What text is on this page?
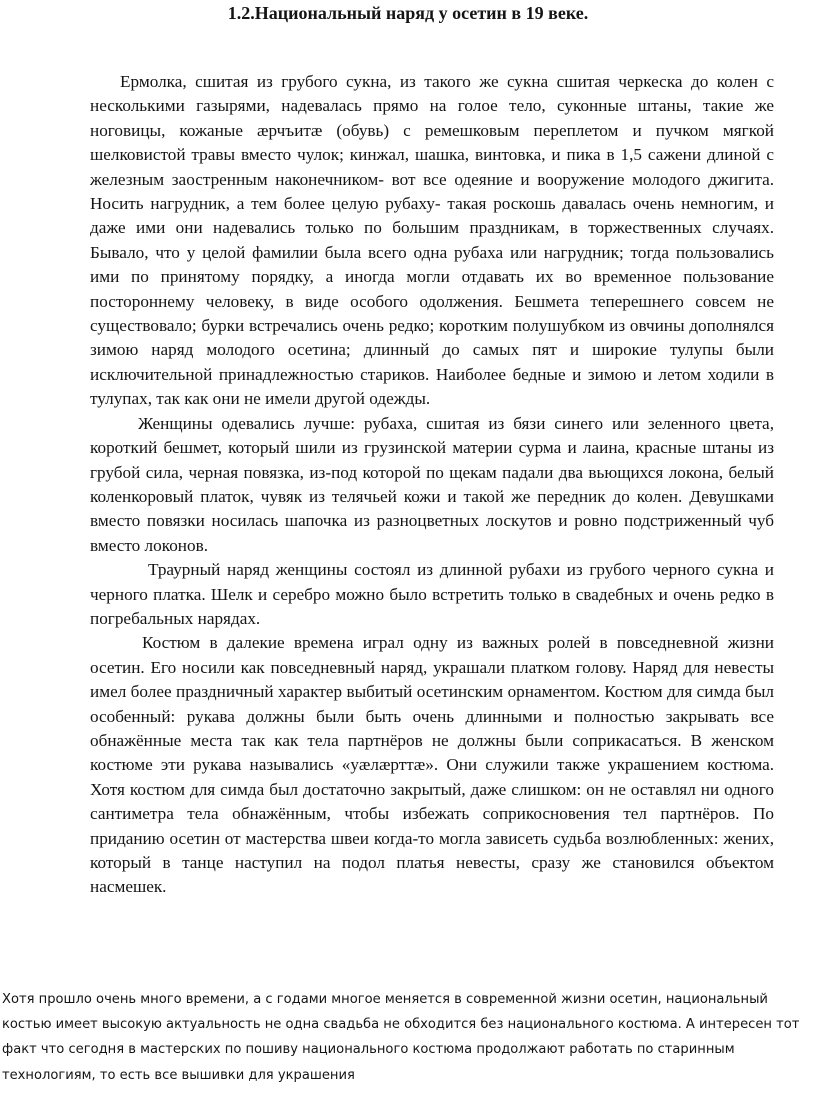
1.2.Национальный наряд у осетин в 19 веке.

Ермолка, сшитая из грубого сукна, из такого же сукна сшитая черкеска до колен с несколькими газырями, надевалась прямо на голое тело, суконные штаны, такие же ноговицы, кожаные æрчъитæ (обувь) с ремешковым переплетом и пучком мягкой шелковистой травы вместо чулок; кинжал, шашка, винтовка, и пика в 1,5 сажени длиной с железным заостренным наконечником- вот все одеяние и вооружение молодого джигита. Носить нагрудник, а тем более целую рубаху- такая роскошь давалась очень немногим, и даже ими они надевались только по большим праздникам, в торжественных случаях. Бывало, что у целой фамилии была всего одна рубаха или нагрудник; тогда пользовались ими по принятому порядку, а иногда могли отдавать их во временное пользование постороннему человеку, в виде особого одолжения. Бешмета теперешнего совсем не существовало; бурки встречались очень редко; коротким полушубком из овчины дополнялся зимою наряд молодого осетина; длинный до самых пят и широкие тулупы были исключительной принадлежностью стариков. Наиболее бедные и зимою и летом ходили в тулупах, так как они не имели другой одежды.

Женщины одевались лучше: рубаха, сшитая из бязи синего или зеленного цвета, короткий бешмет, который шили из грузинской материи сурма и лаина, красные штаны из грубой сила, черная повязка, из-под которой по щекам падали два вьющихся локона, белый коленкоровый платок, чувяк из телячьей кожи и такой же передник до колен. Девушками вместо повязки носилась шапочка из разноцветных лоскутов и ровно подстриженный чуб вместо локонов.

Траурный наряд женщины состоял из длинной рубахи из грубого черного сукна и черного платка. Шелк и серебро можно было встретить только в свадебных и очень редко в погребальных нарядах.

Костюм в далекие времена играл одну из важных ролей в повседневной жизни осетин. Его носили как повседневный наряд, украшали платком голову. Наряд для невесты имел более праздничный характер выбитый осетинским орнаментом. Костюм для симда был особенный: рукава должны были быть очень длинными и полностью закрывать все обнажённые места так как тела партнёров не должны были соприкасаться. В женском костюме эти рукава назывались «уæлæрттæ». Они служили также украшением костюма. Хотя костюм для симда был достаточно закрытый, даже слишком: он не оставлял ни одного сантиметра тела обнажённым, чтобы избежать соприкосновения тел партнёров. По приданию осетин от мастерства швеи когда-то могла зависеть судьба возлюбленных: жених, который в танце наступил на подол платья невесты, сразу же становился объектом насмешек.

Хотя прошло очень много времени, а с годами многое меняется в современной жизни осетин, национальный костью имеет высокую актуальность не одна свадьба не обходится без национального костюма. А интересен тот факт что сегодня в мастерских по пошиву национального костюма продолжают работать по старинным технологиям, то есть все вышивки для украшения
